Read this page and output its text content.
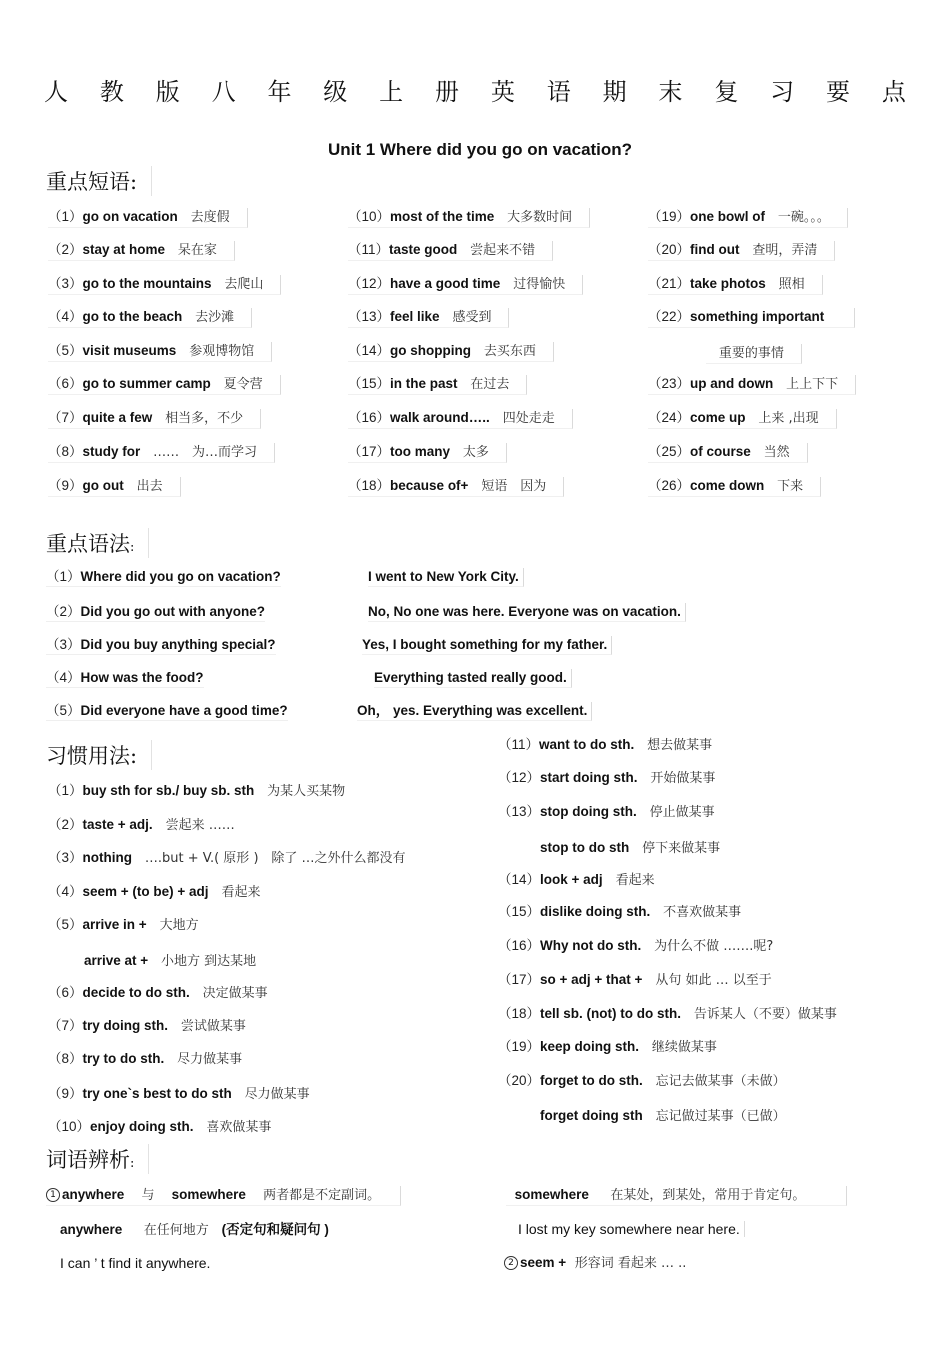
人 教 版 八 年 级 上 册 英 语 期 末 复 习 要 点
Unit 1 Where did you go on vacation?
重点短语:
重点语法:
习惯用法:
词语辨析:
1 anywhere 与 somewhere 两者都是不定副词。
anywhere 在任何地方 (否定句和疑问句 )
I can ’ t find it anywhere.
somewhere 在某处，到某处，常用于肯定句。
I lost my key somewhere near here.
2 seem + 形容词 看起来 … ..
（1）go on vacation 去度假
（2）stay at home 呆在家
（3）go to the mountains 去爬山
（4）go to the beach 去沙滩
（5）visit museums 参观博物馆
（6）go to summer camp 夏令营
（7）quite a few 相当多，不少
（8）study for …… 为…而学习
（9）go out 出去
（10）most of the time 大多数时间
（11）taste good 尝起来不错
（12）have a good time 过得愉快
（13）feel like 感受到
（14）go shopping 去买东西
（15）in the past 在过去
（16）walk around….. 四处走走
（17）too many 太多
（18）because of+ 短语 因为
（19）one bowl of 一碗。。。
（20）find out 查明，弄清
（21）take photos 照相
（22）something important
重要的事情
（23）up and down 上上下下
（24）come up 上来 ,出现
（25）of course 当然
（26）come down 下来
（1）Where did you go on vacation?	I went to New York City.
（2）Did you go out with anyone?	No, No one was here. Everyone was on vacation.
（3）Did you buy anything special?	Yes, I bought something for my father.
（4）How was the food?	Everything tasted really good.
（5）Did everyone have a good time?	Oh， yes. Everything was excellent.
（1）buy sth for sb./ buy sb. sth 为某人买某物
（2）taste + adj. 尝起来 ……
（3）nothing ….but + V.( 原形 ) 除了 …之外什么都没有
（4）seem + (to be) + adj 看起来
（5）arrive in + 大地方
arrive at + 小地方 到达某地
（6）decide to do sth. 决定做某事
（7）try doing sth. 尝试做某事
（8）try to do sth. 尽力做某事
（9）try one`s best to do sth 尽力做某事
（10）enjoy doing sth. 喜欢做某事
（11）want to do sth. 想去做某事
（12）start doing sth. 开始做某事
（13）stop doing sth. 停止做某事
stop to do sth 停下来做某事
（14）look + adj 看起来
（15）dislike doing sth. 不喜欢做某事
（16）Why not do sth. 为什么不做 …….呢?
（17）so + adj + that + 从句 如此 … 以至于
（18）tell sb. (not) to do sth. 告诉某人（不要）做某事
（19）keep doing sth. 继续做某事
（20）forget to do sth. 忘记去做某事（未做）
forget doing sth 忘记做过某事（已做）
